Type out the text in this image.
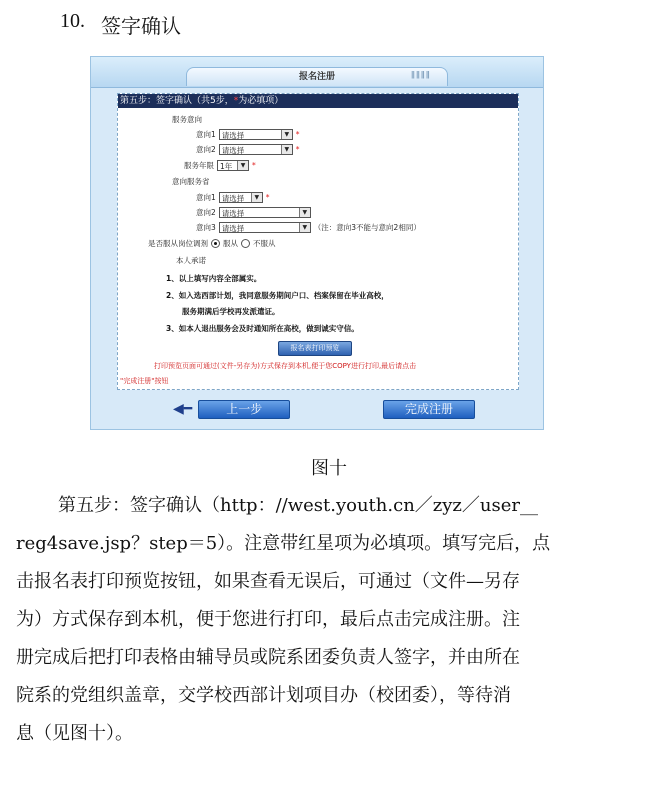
10. 签字确认
报名注册	ǁǁǁǁ
第五步：签字确认（共5步，*为必填项）
服务意向
意向1 请选择	▼ *
意向2 请选择	▼ *
服务年限 1年	▼ *
意向服务省
意向1 请选择	▼ *
意向2 请选择	▼
意向3 请选择	▼ （注：意向3不能与意向2相同）
是否服从岗位调剂 服从 不服从
本人承诺
1、以上填写内容全部属实。
2、如入选西部计划，我同意服务期间户口、档案保留在毕业高校，
服务期满后学校再发派遣证。
3、如本人退出服务会及时通知所在高校，做到诚实守信。
报名表打印预览
打印预览页面可通过(文件-另存为)方式保存到本机,便于您COPY进行打印,最后请点击
"完成注册"按钮
◀━	上一步	完成注册
图十
第五步：签字确认（http：//west.youth.cn／zyz／user__
reg4save.jsp？step＝5）。注意带红星项为必填项。填写完后，点
击报名表打印预览按钮，如果查看无误后，可通过（文件—另存
为）方式保存到本机，便于您进行打印，最后点击完成注册。注
册完成后把打印表格由辅导员或院系团委负责人签字，并由所在
院系的党组织盖章，交学校西部计划项目办（校团委），等待消
息（见图十）。
